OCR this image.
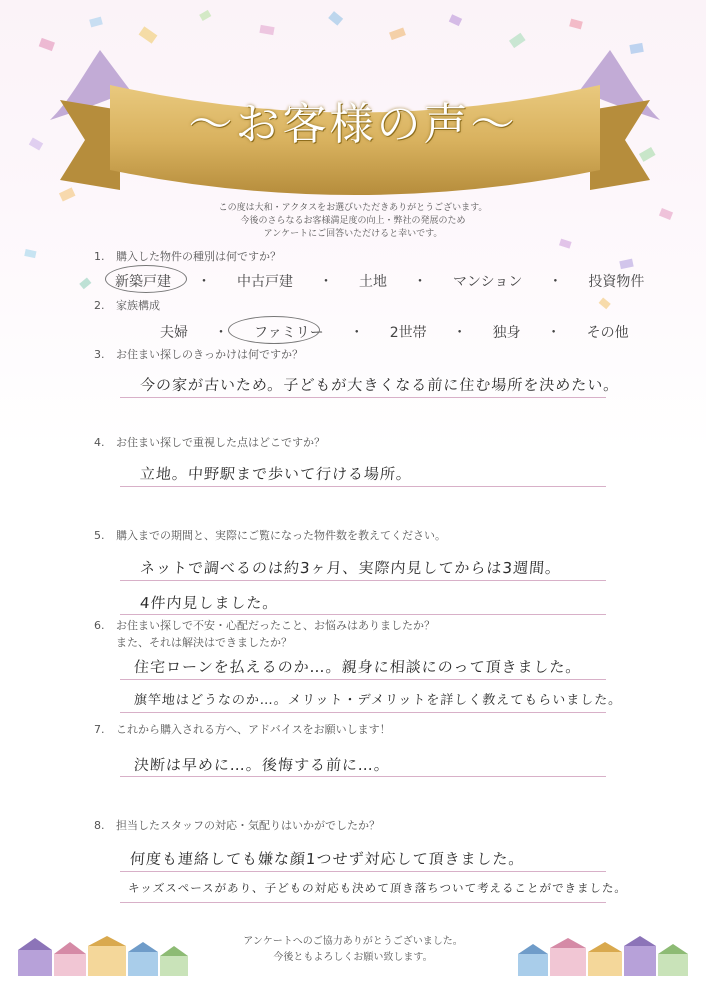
〜お客様の声〜
この度は大和・アクタスをお選びいただきありがとうございます。
今後のさらなるお客様満足度の向上・弊社の発展のため
アンケートにご回答いただけると幸いです。
1. 購入した物件の種別は何ですか？
新築戸建 ・ 中古戸建 ・ 土地 ・ マンション ・ 投資物件
2. 家族構成
夫婦 ・ ファミリー ・ 2世帯 ・ 独身 ・ その他
3. お住まい探しのきっかけは何ですか？
今の家が古いため。子どもが大きくなる前に住む場所を決めたい。
4. お住まい探しで重視した点はどこですか？
立地。中野駅まで歩いて行ける場所。
5. 購入までの期間と、実際にご覧になった物件数を教えてください。
ネットで調べるのは約3ヶ月、実際内見してからは3週間。
4件内見しました。
6. お住まい探しで不安・心配だったこと、お悩みはありましたか？
また、それは解決はできましたか？
住宅ローンを払えるのか…。親身に相談にのって頂きました。
旗竿地はどうなのか…。メリット・デメリットを詳しく教えてもらいました。
7. これから購入される方へ、アドバイスをお願いします！
決断は早めに…。後悔する前に…。
8. 担当したスタッフの対応・気配りはいかがでしたか？
何度も連絡しても嫌な顔1つせず対応して頂きました。
キッズスペースがあり、子どもの対応も決めて頂き落ちついて考えることができました。
アンケートへのご協力ありがとうございました。
今後ともよろしくお願い致します。
